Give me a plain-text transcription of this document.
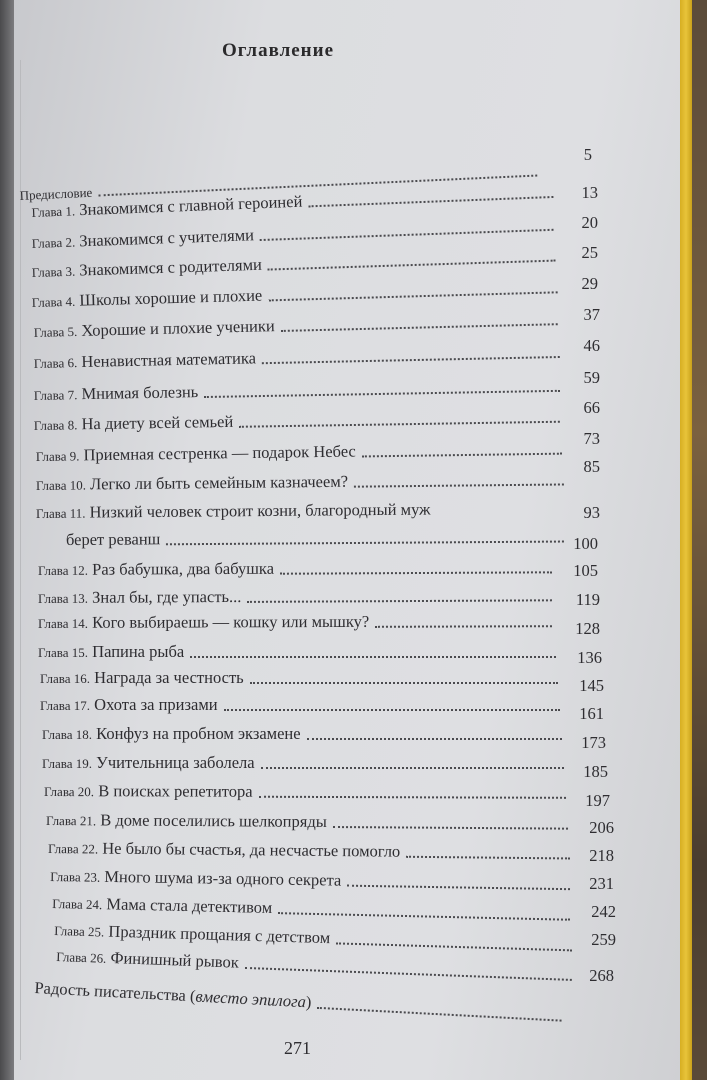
Оглавление
Предисловие
5
Глава 1. Знакомимся с главной героиней	13
Глава 2. Знакомимся с учителями
20
Глава 3. Знакомимся с родителями
25
Глава 4. Школы хорошие и плохие
29
Глава 5. Хорошие и плохие ученики
37
Глава 6. Ненавистная математика
46
Глава 7. Мнимая болезнь
59
Глава 8. На диету всей семьей
66
Глава 9. Приемная сестренка — подарок Небес
73
Глава 10. Легко ли быть семейным казначеем?
85
Глава 11. Низкий человек строит козни, благородный муж
берет реванш
93
Глава 12. Раз бабушка, два бабушка
100
Глава 13. Знал бы, где упасть...
105
Глава 14. Кого выбираешь — кошку или мышку?
119
Глава 15. Папина рыба
128
Глава 16. Награда за честность
136
Глава 17. Охота за призами
145
Глава 18. Конфуз на пробном экзамене
161
Глава 19. Учительница заболела
173
Глава 20. В поисках репетитора
185
Глава 21. В доме поселились шелкопряды
197
Глава 22. Не было бы счастья, да несчастье помогло
206
Глава 23. Много шума из-за одного секрета
218
Глава 24. Мама стала детективом
231
Глава 25. Праздник прощания с детством
242
Глава 26. Финишный рывок
259
Радость писательства (вместо эпилога)
268
271
